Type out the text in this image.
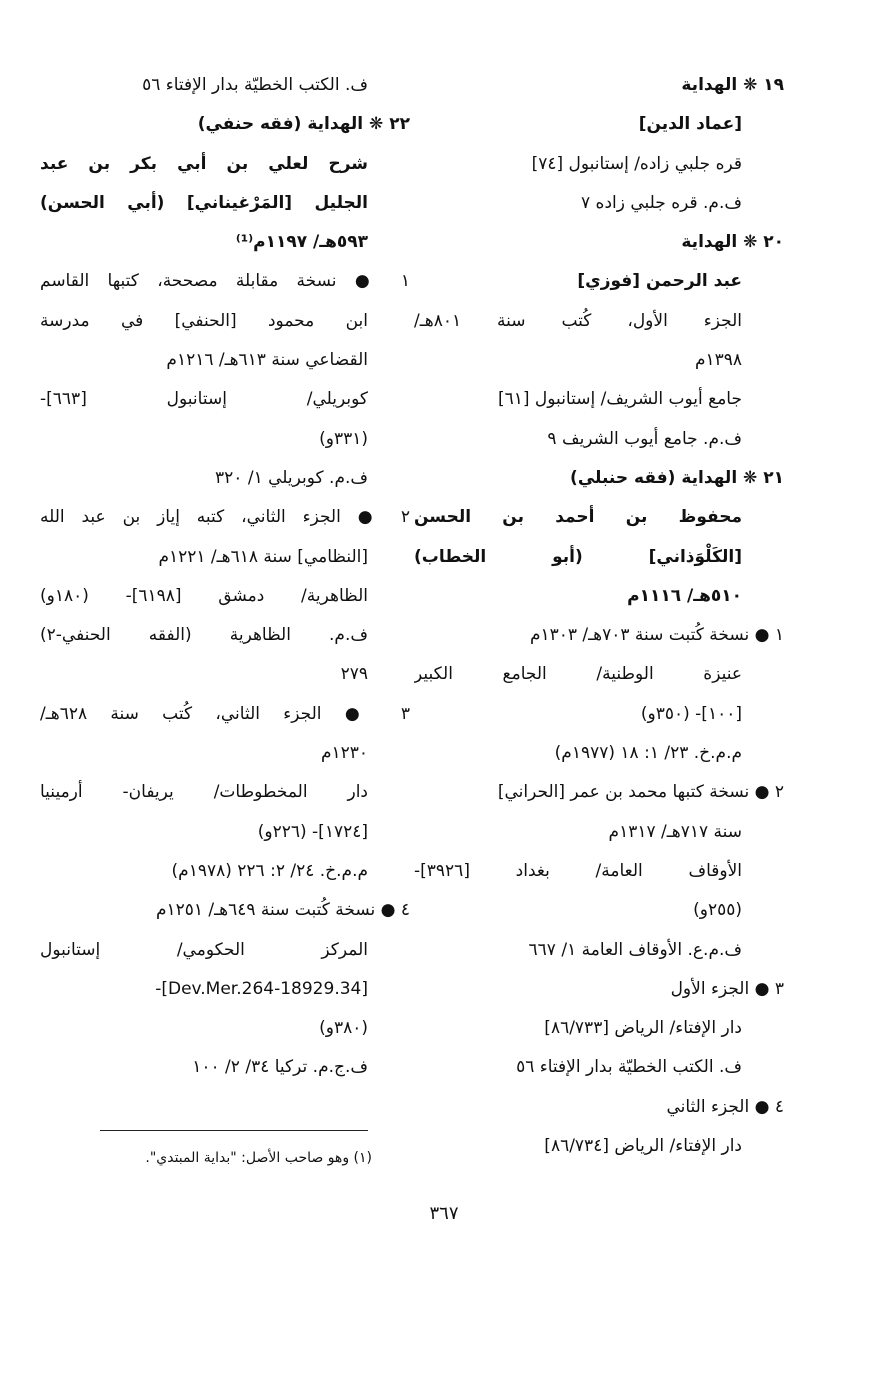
١٩ ❋ الهداية
[عماد الدين]
قره جلبي زاده/ إستانبول [٧٤]
ف.م. قره جلبي زاده ٧
٢٠ ❋ الهداية
عبد الرحمن [فوزي]
الجزء الأول، كُتب سنة ٨٠١هـ/
١٣٩٨م
جامع أيوب الشريف/ إستانبول [٦١]
ف.م. جامع أيوب الشريف ٩
٢١ ❋ الهداية (فقه حنبلي)
محفوظ بن أحمد بن الحسن
[الكَلْوَذاني] (أبو الخطاب)
٥١٠هـ/ ١١١٦م
١ ● نسخة كُتبت سنة ٧٠٣هـ/ ١٣٠٣م
عنيزة الوطنية/ الجامع الكبير
[١٠٠]- (٣٥٠و)
م.م.خ. ٢٣/ ١: ١٨ (١٩٧٧م)
٢ ● نسخة كتبها محمد بن عمر [الحراني]
سنة ٧١٧هـ/ ١٣١٧م
الأوقاف العامة/ بغداد [٣٩٢٦]-
(٢٥٥و)
ف.م.ع. الأوقاف العامة ١/ ٦٦٧
٣ ● الجزء الأول
دار الإفتاء/ الرياض [٨٦/٧٣٣]
ف. الكتب الخطيّة بدار الإفتاء ٥٦
٤ ● الجزء الثاني
دار الإفتاء/ الرياض [٨٦/٧٣٤]
ف. الكتب الخطيّة بدار الإفتاء ٥٦
٢٢ ❋ الهداية (فقه حنفي)
شرح لعلي بن أبي بكر بن عبد
الجليل [المَرْغيناني] (أبي الحسن)
٥٩٣هـ/ ١١٩٧م⁽¹⁾
١ ● نسخة مقابلة مصححة، كتبها القاسم
ابن محمود [الحنفي] في مدرسة
القضاعي سنة ٦١٣هـ/ ١٢١٦م
كوبريلي/ إستانبول [٦٦٣]-
(٣٣١و)
ف.م. كوبريلي ١/ ٣٢٠
٢ ● الجزء الثاني، كتبه إياز بن عبد الله
[النظامي] سنة ٦١٨هـ/ ١٢٢١م
الظاهرية/ دمشق [٦١٩٨]- (١٨٠و)
ف.م. الظاهرية (الفقه الحنفي-٢)
٢٧٩
٣ ● الجزء الثاني، كُتب سنة ٦٢٨هـ/
١٢٣٠م
دار المخطوطات/ يريفان- أرمينيا
[١٧٢٤]- (٢٢٦و)
م.م.خ. ٢٤/ ٢: ٢٢٦ (١٩٧٨م)
٤ ● نسخة كُتبت سنة ٦٤٩هـ/ ١٢٥١م
المركز الحكومي/ إستانبول
[34.Dev.Mer.264-18929]-
(٣٨٠و)
ف.ج.م. تركيا ٣٤/ ٢/ ١٠٠
(١) وهو صاحب الأصل: "بداية المبتدي".
٣٦٧
